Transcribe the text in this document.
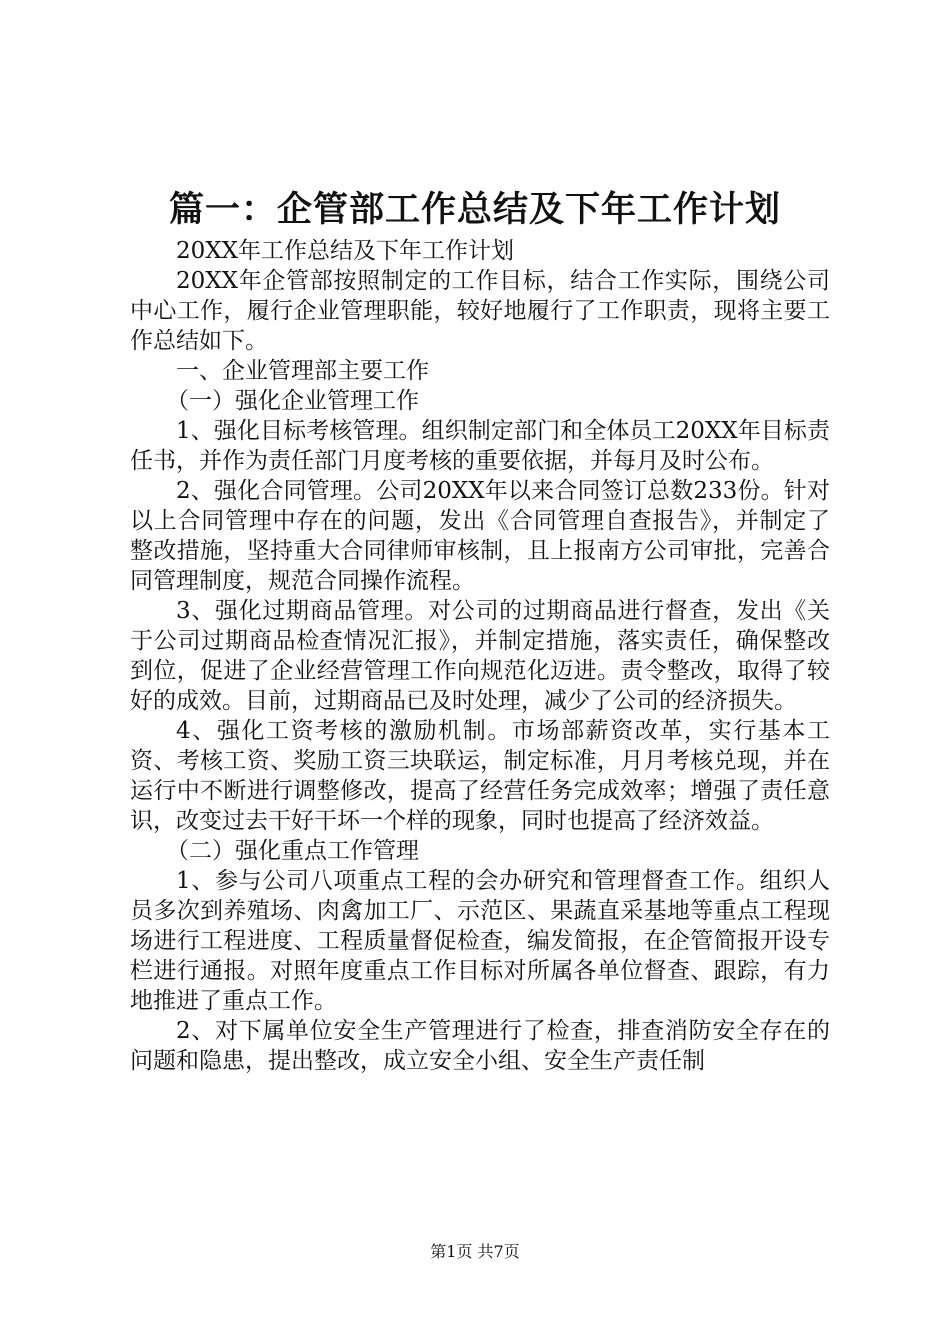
篇一：企管部工作总结及下年工作计划

20XX年工作总结及下年工作计划

20XX年企管部按照制定的工作目标，结合工作实际，围绕公司中心工作，履行企业管理职能，较好地履行了工作职责，现将主要工作总结如下。

一、企业管理部主要工作

（一）强化企业管理工作

1、强化目标考核管理。组织制定部门和全体员工20XX年目标责任书，并作为责任部门月度考核的重要依据，并每月及时公布。

2、强化合同管理。公司20XX年以来合同签订总数233份。针对以上合同管理中存在的问题，发出《合同管理自查报告》，并制定了整改措施，坚持重大合同律师审核制，且上报南方公司审批，完善合同管理制度，规范合同操作流程。

3、强化过期商品管理。对公司的过期商品进行督查，发出《关于公司过期商品检查情况汇报》，并制定措施，落实责任，确保整改到位，促进了企业经营管理工作向规范化迈进。责令整改，取得了较好的成效。目前，过期商品已及时处理，减少了公司的经济损失。

4、强化工资考核的激励机制。市场部薪资改革，实行基本工资、考核工资、奖励工资三块联运，制定标准，月月考核兑现，并在运行中不断进行调整修改，提高了经营任务完成效率；增强了责任意识，改变过去干好干坏一个样的现象，同时也提高了经济效益。

（二）强化重点工作管理

1、参与公司八项重点工程的会办研究和管理督查工作。组织人员多次到养殖场、肉禽加工厂、示范区、果蔬直采基地等重点工程现场进行工程进度、工程质量督促检查，编发简报，在企管简报开设专栏进行通报。对照年度重点工作目标对所属各单位督查、跟踪，有力地推进了重点工作。

2、对下属单位安全生产管理进行了检查，排查消防安全存在的问题和隐患，提出整改，成立安全小组、安全生产责任制

第1页 共7页
